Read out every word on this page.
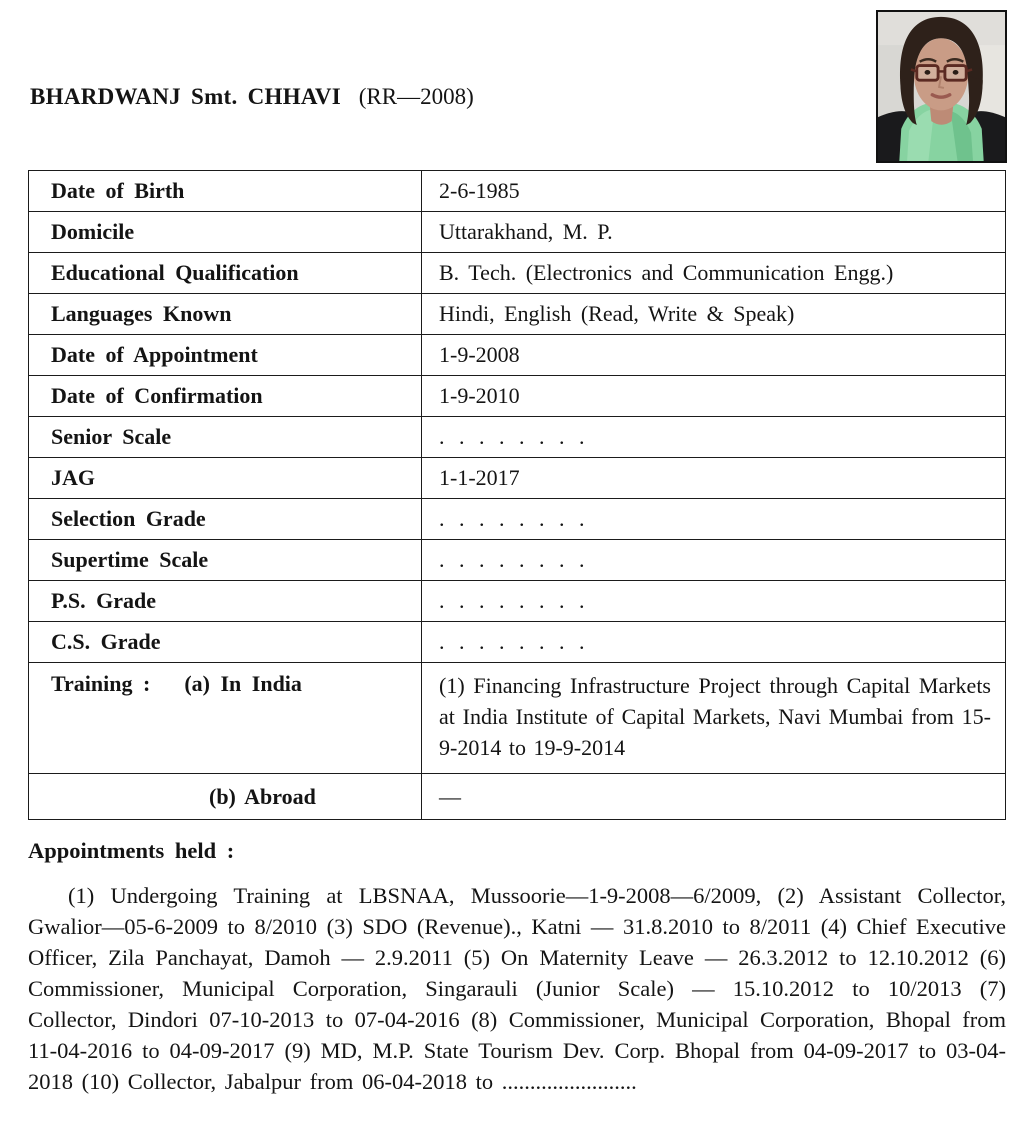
BHARDWANJ Smt. CHHAVI (RR—2008)
Date of Birth	2-6-1985
Domicile	Uttarakhand, M. P.
Educational Qualification	B. Tech. (Electronics and Communication Engg.)
Languages Known	Hindi, English (Read, Write & Speak)
Date of Appointment	1-9-2008
Date of Confirmation	1-9-2010
Senior Scale	. . . . . . . .
JAG	1-1-2017
Selection Grade	. . . . . . . .
Supertime Scale	. . . . . . . .
P.S. Grade	. . . . . . . .
C.S. Grade	. . . . . . . .
Training : (a) In India	(1) Financing Infrastructure Project through Capital Markets at India Institute of Capital Markets, Navi Mumbai from 15-9-2014 to 19-9-2014
(b) Abroad	—
Appointments held :

(1) Undergoing Training at LBSNAA, Mussoorie—1-9-2008—6/2009, (2) Assistant Collector, Gwalior—05-6-2009 to 8/2010 (3) SDO (Revenue)., Katni — 31.8.2010 to 8/2011 (4) Chief Executive Officer, Zila Panchayat, Damoh — 2.9.2011 (5) On Maternity Leave — 26.3.2012 to 12.10.2012 (6) Commissioner, Municipal Corporation, Singarauli (Junior Scale) — 15.10.2012 to 10/2013 (7) Collector, Dindori 07-10-2013 to 07-04-2016 (8) Commissioner, Municipal Corporation, Bhopal from 11-04-2016 to 04-09-2017 (9) MD, M.P. State Tourism Dev. Corp. Bhopal from 04-09-2017 to 03-04-2018 (10) Collector, Jabalpur from 06-04-2018 to ........................
